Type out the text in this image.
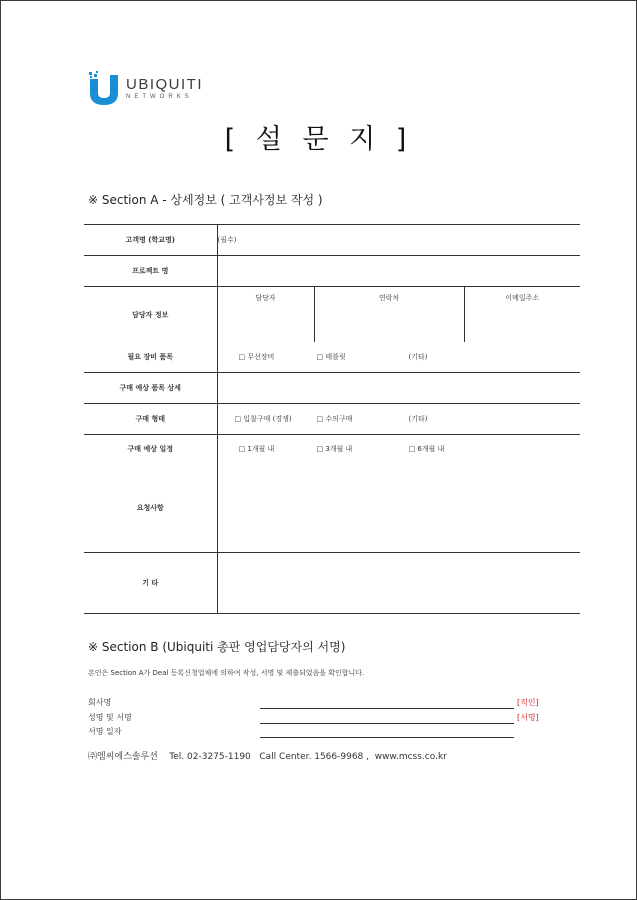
UBIQUITI
NETWORKS
[ 설 문 지 ]
※ Section A - 상세정보 ( 고객사정보 작성 )
고객명 (학교명)	(필수)
프로젝트 명	
담당자 정보	담당자 연락처 이메일주소

필요 장비 품목	□ 무선장비 □ 태블릿 (기타)

구매 예상 품목 상세	
구매 형태	□ 입찰구매 (경쟁) □ 수의구매 (기타)

구매 예상 일정	□ 1개월 내 □ 3개월 내 □ 6개월 내

요청사항	
기 타	
※ Section B (Ubiquiti 총판 영업담당자의 서명)
본인은 Section A가 Deal 등록신청업체에 의하여 작성, 서명 및 제출되었음을 확인합니다.
회사명	[직인]
성명 및 서명	[서명]
서명 일자
㈜엠씨에스솔루션    Tel. 02-3275-1190   Call Center. 1566-9968 ,  www.mcss.co.kr
